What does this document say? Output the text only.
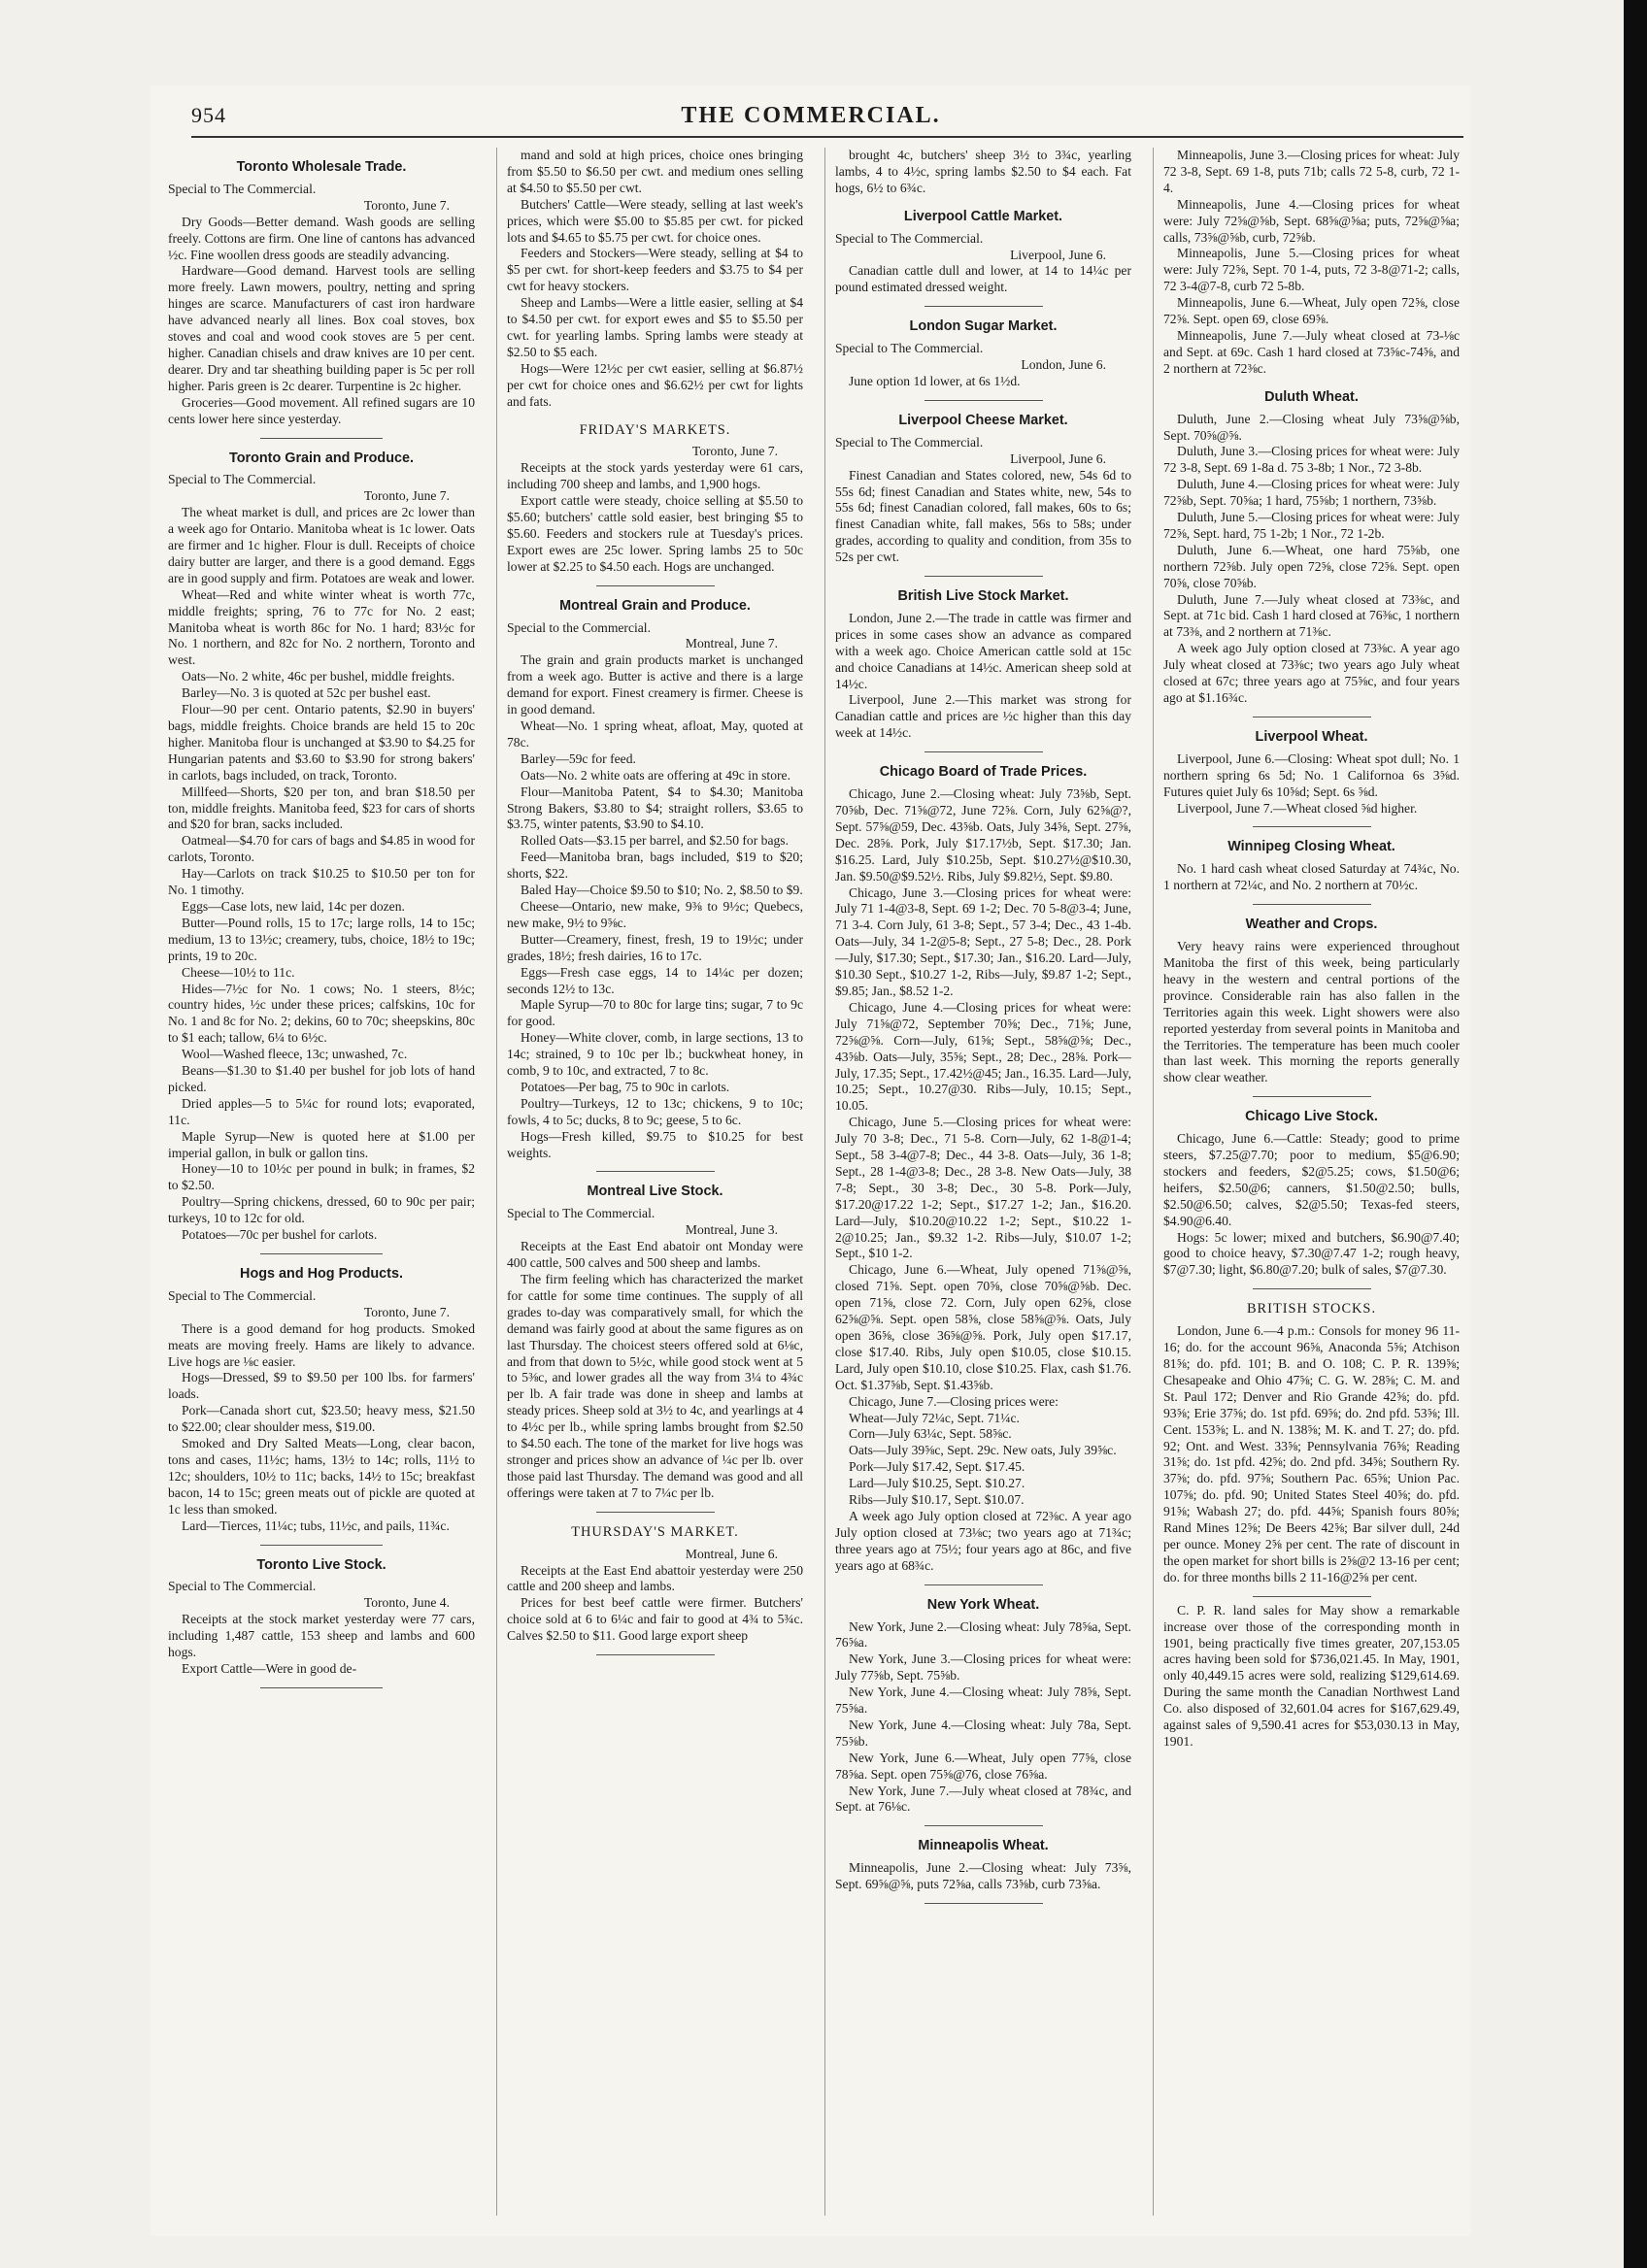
954	THE COMMERCIAL.
Toronto Wholesale Trade.

Special to The Commercial.

Toronto, June 7.

Dry Goods—Better demand. Wash goods are selling freely. Cottons are firm. One line of cantons has advanced ½c. Fine woollen dress goods are steadily advancing.

Hardware—Good demand. Harvest tools are selling more freely. Lawn mowers, poultry, netting and spring hinges are scarce. Manufacturers of cast iron hardware have advanced nearly all lines. Box coal stoves, box stoves and coal and wood cook stoves are 5 per cent. higher. Canadian chisels and draw knives are 10 per cent. dearer. Dry and tar sheathing building paper is 5c per roll higher. Paris green is 2c dearer. Turpentine is 2c higher.

Groceries—Good movement. All refined sugars are 10 cents lower here since yesterday.

Toronto Grain and Produce.

Special to The Commercial.

Toronto, June 7.

The wheat market is dull, and prices are 2c lower than a week ago for Ontario. Manitoba wheat is 1c lower. Oats are firmer and 1c higher. Flour is dull. Receipts of choice dairy butter are larger, and there is a good demand. Eggs are in good supply and firm. Potatoes are weak and lower.

Wheat—Red and white winter wheat is worth 77c, middle freights; spring, 76 to 77c for No. 2 east; Manitoba wheat is worth 86c for No. 1 hard; 83½c for No. 1 northern, and 82c for No. 2 northern, Toronto and west.

Oats—No. 2 white, 46c per bushel, middle freights.

Barley—No. 3 is quoted at 52c per bushel east.

Flour—90 per cent. Ontario patents, $2.90 in buyers' bags, middle freights. Choice brands are held 15 to 20c higher. Manitoba flour is unchanged at $3.90 to $4.25 for Hungarian patents and $3.60 to $3.90 for strong bakers' in carlots, bags included, on track, Toronto.

Millfeed—Shorts, $20 per ton, and bran $18.50 per ton, middle freights. Manitoba feed, $23 for cars of shorts and $20 for bran, sacks included.

Oatmeal—$4.70 for cars of bags and $4.85 in wood for carlots, Toronto.

Hay—Carlots on track $10.25 to $10.50 per ton for No. 1 timothy.

Eggs—Case lots, new laid, 14c per dozen.

Butter—Pound rolls, 15 to 17c; large rolls, 14 to 15c; medium, 13 to 13½c; creamery, tubs, choice, 18½ to 19c; prints, 19 to 20c.

Cheese—10½ to 11c.

Hides—7½c for No. 1 cows; No. 1 steers, 8½c; country hides, ½c under these prices; calfskins, 10c for No. 1 and 8c for No. 2; dekins, 60 to 70c; sheepskins, 80c to $1 each; tallow, 6¼ to 6½c.

Wool—Washed fleece, 13c; unwashed, 7c.

Beans—$1.30 to $1.40 per bushel for job lots of hand picked.

Dried apples—5 to 5¼c for round lots; evaporated, 11c.

Maple Syrup—New is quoted here at $1.00 per imperial gallon, in bulk or gallon tins.

Honey—10 to 10½c per pound in bulk; in frames, $2 to $2.50.

Poultry—Spring chickens, dressed, 60 to 90c per pair; turkeys, 10 to 12c for old.

Potatoes—70c per bushel for carlots.

Hogs and Hog Products.

Special to The Commercial.

Toronto, June 7.

There is a good demand for hog products. Smoked meats are moving freely. Hams are likely to advance. Live hogs are ⅛c easier.

Hogs—Dressed, $9 to $9.50 per 100 lbs. for farmers' loads.

Pork—Canada short cut, $23.50; heavy mess, $21.50 to $22.00; clear shoulder mess, $19.00.

Smoked and Dry Salted Meats—Long, clear bacon, tons and cases, 11½c; hams, 13½ to 14c; rolls, 11½ to 12c; shoulders, 10½ to 11c; backs, 14½ to 15c; breakfast bacon, 14 to 15c; green meats out of pickle are quoted at 1c less than smoked.

Lard—Tierces, 11¼c; tubs, 11½c, and pails, 11¾c.

Toronto Live Stock.

Special to The Commercial.

Toronto, June 4.

Receipts at the stock market yesterday were 77 cars, including 1,487 cattle, 153 sheep and lambs and 600 hogs.

Export Cattle—Were in good de-

mand and sold at high prices, choice ones bringing from $5.50 to $6.50 per cwt. and medium ones selling at $4.50 to $5.50 per cwt.

Butchers' Cattle—Were steady, selling at last week's prices, which were $5.00 to $5.85 per cwt. for picked lots and $4.65 to $5.75 per cwt. for choice ones.

Feeders and Stockers—Were steady, selling at $4 to $5 per cwt. for short-keep feeders and $3.75 to $4 per cwt for heavy stockers.

Sheep and Lambs—Were a little easier, selling at $4 to $4.50 per cwt. for export ewes and $5 to $5.50 per cwt. for yearling lambs. Spring lambs were steady at $2.50 to $5 each.

Hogs—Were 12½c per cwt easier, selling at $6.87½ per cwt for choice ones and $6.62½ per cwt for lights and fats.

FRIDAY'S MARKETS.

Toronto, June 7.

Receipts at the stock yards yesterday were 61 cars, including 700 sheep and lambs, and 1,900 hogs.

Export cattle were steady, choice selling at $5.50 to $5.60; butchers' cattle sold easier, best bringing $5 to $5.60. Feeders and stockers rule at Tuesday's prices. Export ewes are 25c lower. Spring lambs 25 to 50c lower at $2.25 to $4.50 each. Hogs are unchanged.

Montreal Grain and Produce.

Special to the Commercial.

Montreal, June 7.

The grain and grain products market is unchanged from a week ago. Butter is active and there is a large demand for export. Finest creamery is firmer. Cheese is in good demand.

Wheat—No. 1 spring wheat, afloat, May, quoted at 78c.

Barley—59c for feed.

Oats—No. 2 white oats are offering at 49c in store.

Flour—Manitoba Patent, $4 to $4.30; Manitoba Strong Bakers, $3.80 to $4; straight rollers, $3.65 to $3.75, winter patents, $3.90 to $4.10.

Rolled Oats—$3.15 per barrel, and $2.50 for bags.

Feed—Manitoba bran, bags included, $19 to $20; shorts, $22.

Baled Hay—Choice $9.50 to $10; No. 2, $8.50 to $9.

Cheese—Ontario, new make, 9⅜ to 9½c; Quebecs, new make, 9½ to 9⅝c.

Butter—Creamery, finest, fresh, 19 to 19½c; under grades, 18½; fresh dairies, 16 to 17c.

Eggs—Fresh case eggs, 14 to 14¼c per dozen; seconds 12½ to 13c.

Maple Syrup—70 to 80c for large tins; sugar, 7 to 9c for good.

Honey—White clover, comb, in large sections, 13 to 14c; strained, 9 to 10c per lb.; buckwheat honey, in comb, 9 to 10c, and extracted, 7 to 8c.

Potatoes—Per bag, 75 to 90c in carlots.

Poultry—Turkeys, 12 to 13c; chickens, 9 to 10c; fowls, 4 to 5c; ducks, 8 to 9c; geese, 5 to 6c.

Hogs—Fresh killed, $9.75 to $10.25 for best weights.

Montreal Live Stock.

Special to The Commercial.

Montreal, June 3.

Receipts at the East End abatoir ont Monday were 400 cattle, 500 calves and 500 sheep and lambs.

The firm feeling which has characterized the market for cattle for some time continues. The supply of all grades to-day was comparatively small, for which the demand was fairly good at about the same figures as on last Thursday. The choicest steers offered sold at 6⅛c, and from that down to 5½c, while good stock went at 5 to 5⅜c, and lower grades all the way from 3¼ to 4¾c per lb. A fair trade was done in sheep and lambs at steady prices. Sheep sold at 3½ to 4c, and yearlings at 4 to 4½c per lb., while spring lambs brought from $2.50 to $4.50 each. The tone of the market for live hogs was stronger and prices show an advance of ¼c per lb. over those paid last Thursday. The demand was good and all offerings were taken at 7 to 7¼c per lb.

THURSDAY'S MARKET.

Montreal, June 6.

Receipts at the East End abattoir yesterday were 250 cattle and 200 sheep and lambs.

Prices for best beef cattle were firmer. Butchers' choice sold at 6 to 6¼c and fair to good at 4¾ to 5¾c. Calves $2.50 to $11. Good large export sheep

brought 4c, butchers' sheep 3½ to 3¾c, yearling lambs, 4 to 4½c, spring lambs $2.50 to $4 each. Fat hogs, 6½ to 6¾c.

Liverpool Cattle Market.

Special to The Commercial.

Liverpool, June 6.

Canadian cattle dull and lower, at 14 to 14¼c per pound estimated dressed weight.

London Sugar Market.

Special to The Commercial.

London, June 6.

June option 1d lower, at 6s 1½d.

Liverpool Cheese Market.

Special to The Commercial.

Liverpool, June 6.

Finest Canadian and States colored, new, 54s 6d to 55s 6d; finest Canadian and States white, new, 54s to 55s 6d; finest Canadian colored, fall makes, 60s to 6s; finest Canadian white, fall makes, 56s to 58s; under grades, according to quality and condition, from 35s to 52s per cwt.

British Live Stock Market.

London, June 2.—The trade in cattle was firmer and prices in some cases show an advance as compared with a week ago. Choice American cattle sold at 15c and choice Canadians at 14½c. American sheep sold at 14½c.

Liverpool, June 2.—This market was strong for Canadian cattle and prices are ½c higher than this day week at 14½c.

Chicago Board of Trade Prices.

Chicago, June 2.—Closing wheat: July 73⅝b, Sept. 70⅝b, Dec. 71⅝@72, June 72⅝. Corn, July 62⅝@?, Sept. 57⅝@59, Dec. 43⅝b. Oats, July 34⅝, Sept. 27⅝, Dec. 28⅝. Pork, July $17.17½b, Sept. $17.30; Jan. $16.25. Lard, July $10.25b, Sept. $10.27½@$10.30, Jan. $9.50@$9.52½. Ribs, July $9.82½, Sept. $9.80.

Chicago, June 3.—Closing prices for wheat were: July 71 1-4@3-8, Sept. 69 1-2; Dec. 70 5-8@3-4; June, 71 3-4. Corn July, 61 3-8; Sept., 57 3-4; Dec., 43 1-4b. Oats—July, 34 1-2@5-8; Sept., 27 5-8; Dec., 28. Pork—July, $17.30; Sept., $17.30; Jan., $16.20. Lard—July, $10.30 Sept., $10.27 1-2, Ribs—July, $9.87 1-2; Sept., $9.85; Jan., $8.52 1-2.

Chicago, June 4.—Closing prices for wheat were: July 71⅝@72, September 70⅝; Dec., 71⅝; June, 72⅝@⅝. Corn—July, 61⅝; Sept., 58⅝@⅝; Dec., 43⅝b. Oats—July, 35⅝; Sept., 28; Dec., 28⅝. Pork—July, 17.35; Sept., 17.42½@45; Jan., 16.35. Lard—July, 10.25; Sept., 10.27@30. Ribs—July, 10.15; Sept., 10.05.

Chicago, June 5.—Closing prices for wheat were: July 70 3-8; Dec., 71 5-8. Corn—July, 62 1-8@1-4; Sept., 58 3-4@7-8; Dec., 44 3-8. Oats—July, 36 1-8; Sept., 28 1-4@3-8; Dec., 28 3-8. New Oats—July, 38 7-8; Sept., 30 3-8; Dec., 30 5-8. Pork—July, $17.20@17.22 1-2; Sept., $17.27 1-2; Jan., $16.20. Lard—July, $10.20@10.22 1-2; Sept., $10.22 1-2@10.25; Jan., $9.32 1-2. Ribs—July, $10.07 1-2; Sept., $10 1-2.

Chicago, June 6.—Wheat, July opened 71⅝@⅝, closed 71⅝. Sept. open 70⅝, close 70⅝@⅝b. Dec. open 71⅝, close 72. Corn, July open 62⅝, close 62⅝@⅝. Sept. open 58⅝, close 58⅝@⅝. Oats, July open 36⅝, close 36⅝@⅝. Pork, July open $17.17, close $17.40. Ribs, July open $10.05, close $10.15. Lard, July open $10.10, close $10.25. Flax, cash $1.76. Oct. $1.37⅝b, Sept. $1.43⅝b.

Chicago, June 7.—Closing prices were:

Wheat—July 72¼c, Sept. 71¼c.

Corn—July 63¼c, Sept. 58⅝c.

Oats—July 39⅝c, Sept. 29c. New oats, July 39⅝c.

Pork—July $17.42, Sept. $17.45.

Lard—July $10.25, Sept. $10.27.

Ribs—July $10.17, Sept. $10.07.

A week ago July option closed at 72⅜c. A year ago July option closed at 73⅛c; two years ago at 71¾c; three years ago at 75½; four years ago at 86c, and five years ago at 68¾c.

New York Wheat.

New York, June 2.—Closing wheat: July 78⅝a, Sept. 76⅝a.

New York, June 3.—Closing prices for wheat were: July 77⅝b, Sept. 75⅝b.

New York, June 4.—Closing wheat: July 78⅝, Sept. 75⅝a.

New York, June 4.—Closing wheat: July 78a, Sept. 75⅝b.

New York, June 6.—Wheat, July open 77⅝, close 78⅝a. Sept. open 75⅝@76, close 76⅝a.

New York, June 7.—July wheat closed at 78¾c, and Sept. at 76⅛c.

Minneapolis Wheat.

Minneapolis, June 2.—Closing wheat: July 73⅝, Sept. 69⅝@⅝, puts 72⅝a, calls 73⅝b, curb 73⅝a.

Minneapolis, June 3.—Closing prices for wheat: July 72 3-8, Sept. 69 1-8, puts 71b; calls 72 5-8, curb, 72 1-4.

Minneapolis, June 4.—Closing prices for wheat were: July 72⅝@⅝b, Sept. 68⅝@⅝a; puts, 72⅝@⅝a; calls, 73⅝@⅝b, curb, 72⅝b.

Minneapolis, June 5.—Closing prices for wheat were: July 72⅝, Sept. 70 1-4, puts, 72 3-8@71-2; calls, 72 3-4@7-8, curb 72 5-8b.

Minneapolis, June 6.—Wheat, July open 72⅝, close 72⅝. Sept. open 69, close 69⅝.

Minneapolis, June 7.—July wheat closed at 73-⅛c and Sept. at 69c. Cash 1 hard closed at 73⅝c-74⅝, and 2 northern at 72⅜c.

Duluth Wheat.

Duluth, June 2.—Closing wheat July 73⅝@⅝b, Sept. 70⅝@⅝.

Duluth, June 3.—Closing prices for wheat were: July 72 3-8, Sept. 69 1-8a d. 75 3-8b; 1 Nor., 72 3-8b.

Duluth, June 4.—Closing prices for wheat were: July 72⅝b, Sept. 70⅝a; 1 hard, 75⅝b; 1 northern, 73⅝b.

Duluth, June 5.—Closing prices for wheat were: July 72⅝, Sept. hard, 75 1-2b; 1 Nor., 72 1-2b.

Duluth, June 6.—Wheat, one hard 75⅝b, one northern 72⅝b. July open 72⅝, close 72⅝. Sept. open 70⅝, close 70⅝b.

Duluth, June 7.—July wheat closed at 73⅜c, and Sept. at 71c bid. Cash 1 hard closed at 76⅜c, 1 northern at 73⅜, and 2 northern at 71⅜c.

A week ago July option closed at 73⅜c. A year ago July wheat closed at 73⅜c; two years ago July wheat closed at 67c; three years ago at 75⅝c, and four years ago at $1.16¾c.

Liverpool Wheat.

Liverpool, June 6.—Closing: Wheat spot dull; No. 1 northern spring 6s 5d; No. 1 Californoa 6s 3⅝d. Futures quiet July 6s 10⅝d; Sept. 6s ⅝d.

Liverpool, June 7.—Wheat closed ⅝d higher.

Winnipeg Closing Wheat.

No. 1 hard cash wheat closed Saturday at 74¾c, No. 1 northern at 72¼c, and No. 2 northern at 70½c.

Weather and Crops.

Very heavy rains were experienced throughout Manitoba the first of this week, being particularly heavy in the western and central portions of the province. Considerable rain has also fallen in the Territories again this week. Light showers were also reported yesterday from several points in Manitoba and the Territories. The temperature has been much cooler than last week. This morning the reports generally show clear weather.

Chicago Live Stock.

Chicago, June 6.—Cattle: Steady; good to prime steers, $7.25@7.70; poor to medium, $5@6.90; stockers and feeders, $2@5.25; cows, $1.50@6; heifers, $2.50@6; canners, $1.50@2.50; bulls, $2.50@6.50; calves, $2@5.50; Texas-fed steers, $4.90@6.40.

Hogs: 5c lower; mixed and butchers, $6.90@7.40; good to choice heavy, $7.30@7.47 1-2; rough heavy, $7@7.30; light, $6.80@7.20; bulk of sales, $7@7.30.

BRITISH STOCKS.

London, June 6.—4 p.m.: Consols for money 96 11-16; do. for the account 96⅝, Anaconda 5⅝; Atchison 81⅝; do. pfd. 101; B. and O. 108; C. P. R. 139⅝; Chesapeake and Ohio 47⅝; C. G. W. 28⅝; C. M. and St. Paul 172; Denver and Rio Grande 42⅝; do. pfd. 93⅝; Erie 37⅝; do. 1st pfd. 69⅝; do. 2nd pfd. 53⅝; Ill. Cent. 153⅝; L. and N. 138⅝; M. K. and T. 27; do. pfd. 92; Ont. and West. 33⅝; Pennsylvania 76⅝; Reading 31⅝; do. 1st pfd. 42⅝; do. 2nd pfd. 34⅝; Southern Ry. 37⅝; do. pfd. 97⅝; Southern Pac. 65⅝; Union Pac. 107⅝; do. pfd. 90; United States Steel 40⅝; do. pfd. 91⅝; Wabash 27; do. pfd. 44⅝; Spanish fours 80⅝; Rand Mines 12⅝; De Beers 42⅝; Bar silver dull, 24d per ounce. Money 2⅝ per cent. The rate of discount in the open market for short bills is 2⅝@2 13-16 per cent; do. for three months bills 2 11-16@2⅝ per cent.

C. P. R. land sales for May show a remarkable increase over those of the corresponding month in 1901, being practically five times greater, 207,153.05 acres having been sold for $736,021.45. In May, 1901, only 40,449.15 acres were sold, realizing $129,614.69. During the same month the Canadian Northwest Land Co. also disposed of 32,601.04 acres for $167,629.49, against sales of 9,590.41 acres for $53,030.13 in May, 1901.
